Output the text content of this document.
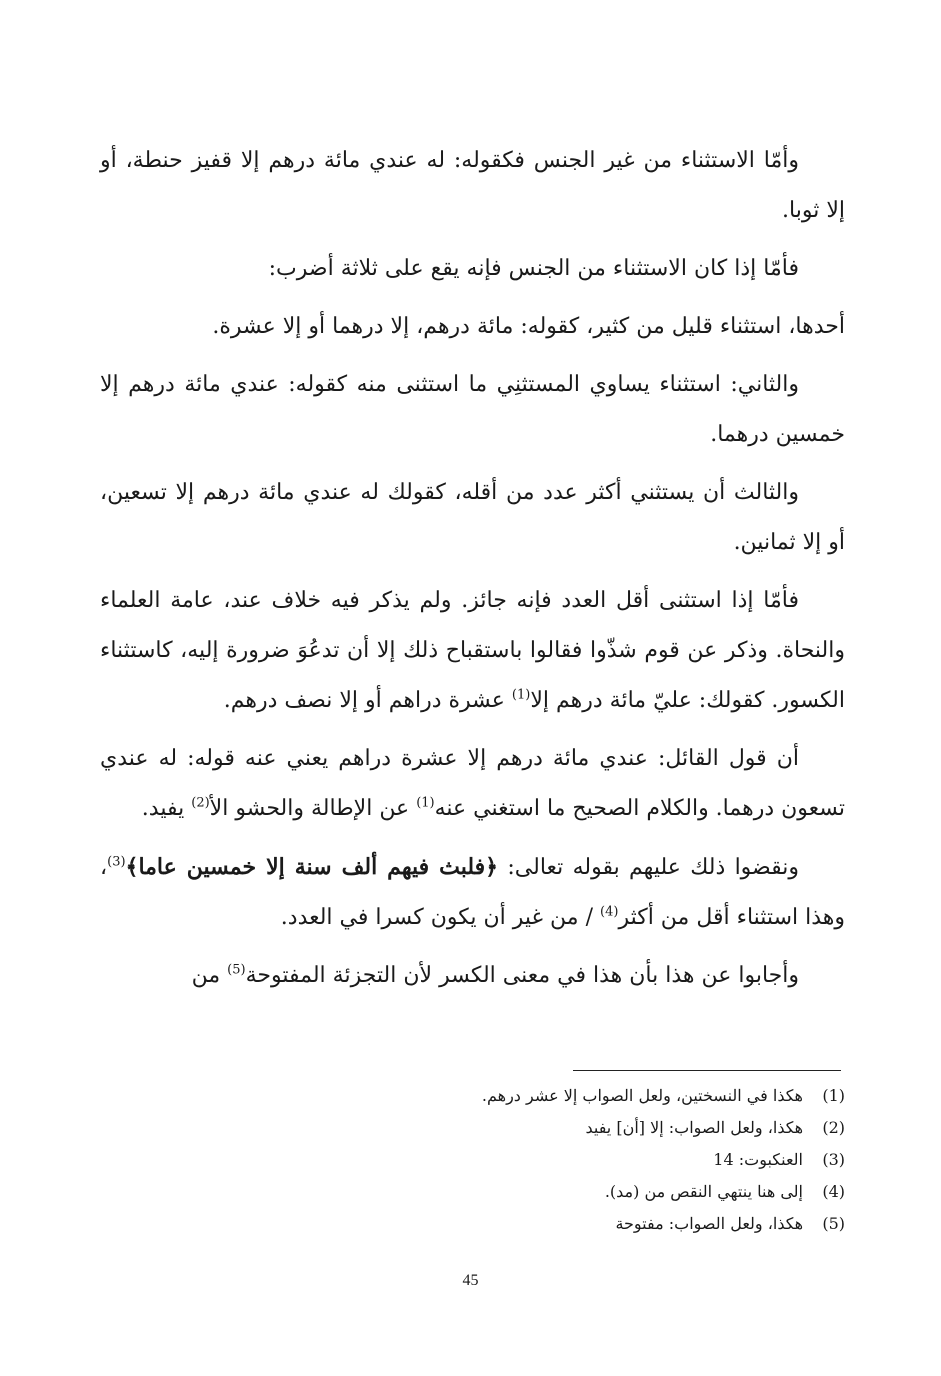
وأمّا الاستثناء من غير الجنس فكقوله: له عندي مائة درهم إلا قفيز حنطة، أو إلا ثوبا.

فأمّا إذا كان الاستثناء من الجنس فإنه يقع على ثلاثة أضرب:

أحدها، استثناء قليل من كثير، كقوله: مائة درهم، إلا درهما أو إلا عشرة.

والثاني: استثناء يساوي المستثنِي ما استثنى منه كقوله: عندي مائة درهم إلا خمسين درهما.

والثالث أن يستثني أكثر عدد من أقله، كقولك له عندي مائة درهم إلا تسعين، أو إلا ثمانين.

فأمّا إذا استثنى أقل العدد فإنه جائز. ولم يذكر فيه خلاف عند، عامة العلماء والنحاة. وذكر عن قوم شذّوا فقالوا باستقباح ذلك إلا أن تدعُوَ ضرورة إليه، كاستثناء الكسور. كقولك: عليّ مائة درهم إلا$^{(1)}$ عشرة دراهم أو إلا نصف درهم.

أن قول القائل: عندي مائة درهم إلا عشرة دراهم يعني عنه قوله: له عندي تسعون درهما. والكلام الصحيح ما استغني عنه$^{(1)}$ عن الإطالة والحشو الأ$^{(2)}$ يفيد.

ونقضوا ذلك عليهم بقوله تعالى: ﴿فلبث فيهم ألف سنة إلا خمسين عاما﴾$^{(3)}$، وهذا استثناء أقل من أكثر$^{(4)}$ / من غير أن يكون كسرا في العدد.

وأجابوا عن هذا بأن هذا في معنى الكسر لأن التجزئة المفتوحة$^{(5)}$ من

(1)
هكذا في النسختين، ولعل الصواب إلا عشر درهم.
(2)
هكذا، ولعل الصواب: إلا [أن] يفيد
(3)
العنكبوت: 14
(4)
إلى هنا ينتهي النقص من (مد).
(5)
هكذا، ولعل الصواب: مفتوحة
45
